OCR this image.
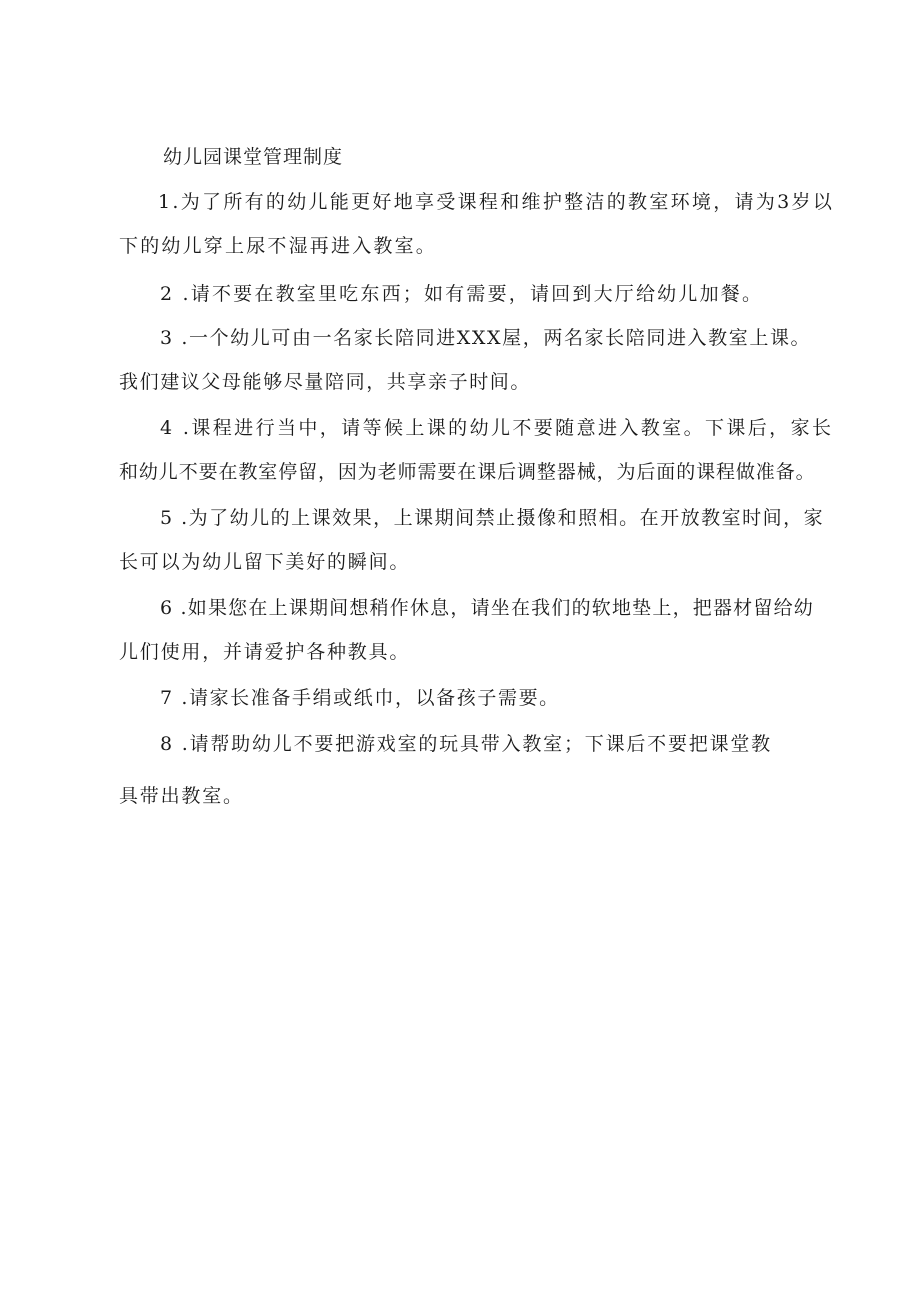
幼儿园课堂管理制度
1.为了所有的幼儿能更好地享受课程和维护整洁的教室环境，请为3岁以
下的幼儿穿上尿不湿再进入教室。
2 .请不要在教室里吃东西；如有需要，请回到大厅给幼儿加餐。
3 .一个幼儿可由一名家长陪同进XXX屋，两名家长陪同进入教室上课。
我们建议父母能够尽量陪同，共享亲子时间。
4 .课程进行当中，请等候上课的幼儿不要随意进入教室。下课后，家长
和幼儿不要在教室停留，因为老师需要在课后调整器械，为后面的课程做准备。
5 .为了幼儿的上课效果，上课期间禁止摄像和照相。在开放教室时间，家
长可以为幼儿留下美好的瞬间。
6 .如果您在上课期间想稍作休息，请坐在我们的软地垫上，把器材留给幼
儿们使用，并请爱护各种教具。
7 .请家长准备手绢或纸巾，以备孩子需要。
8 .请帮助幼儿不要把游戏室的玩具带入教室；下课后不要把课堂教
具带出教室。
